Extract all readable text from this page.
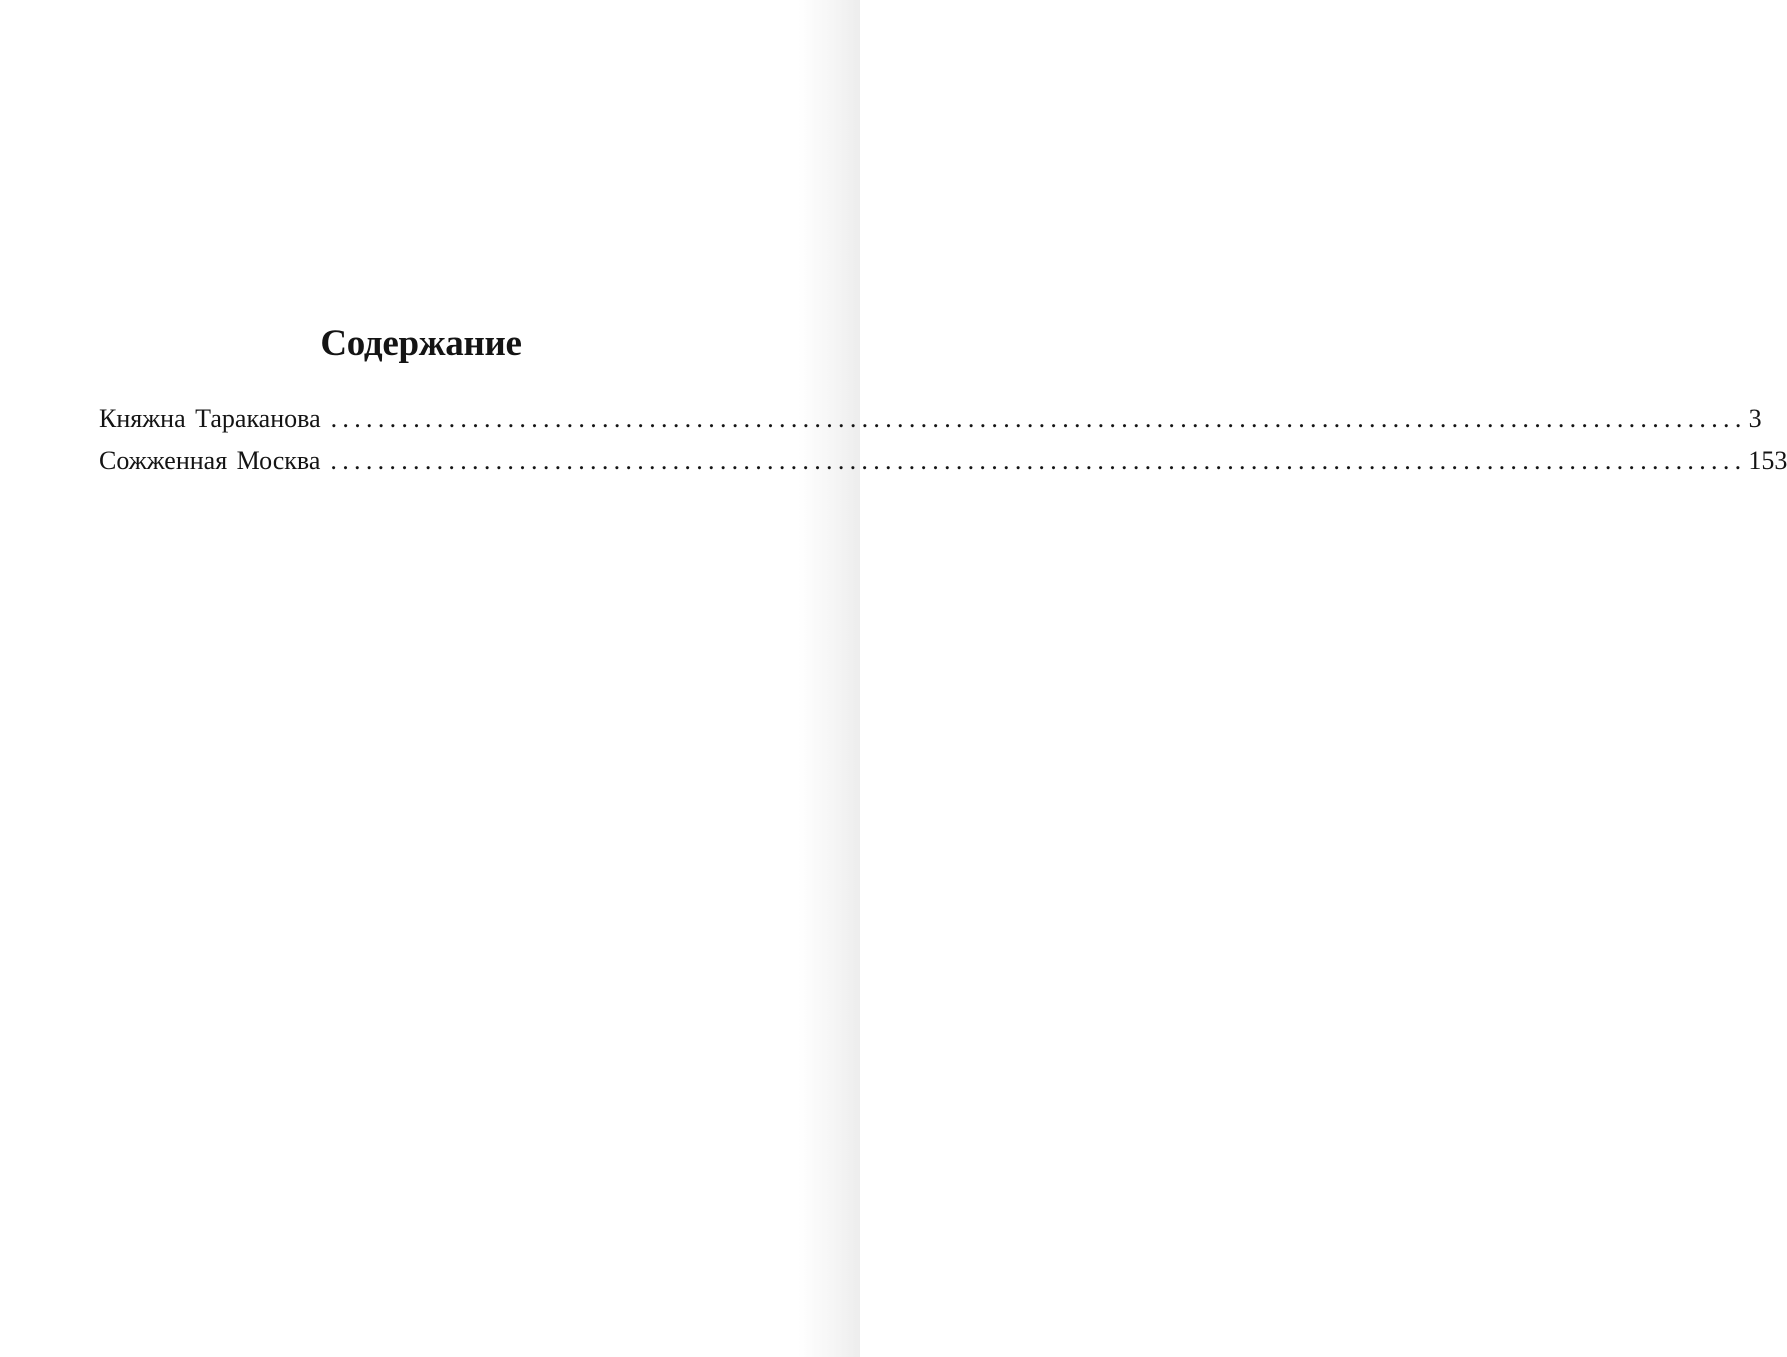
Содержание
Княжна Тараканова ........................................................................................................................ 3
Сожженная Москва ........................................................................................................................ 153
